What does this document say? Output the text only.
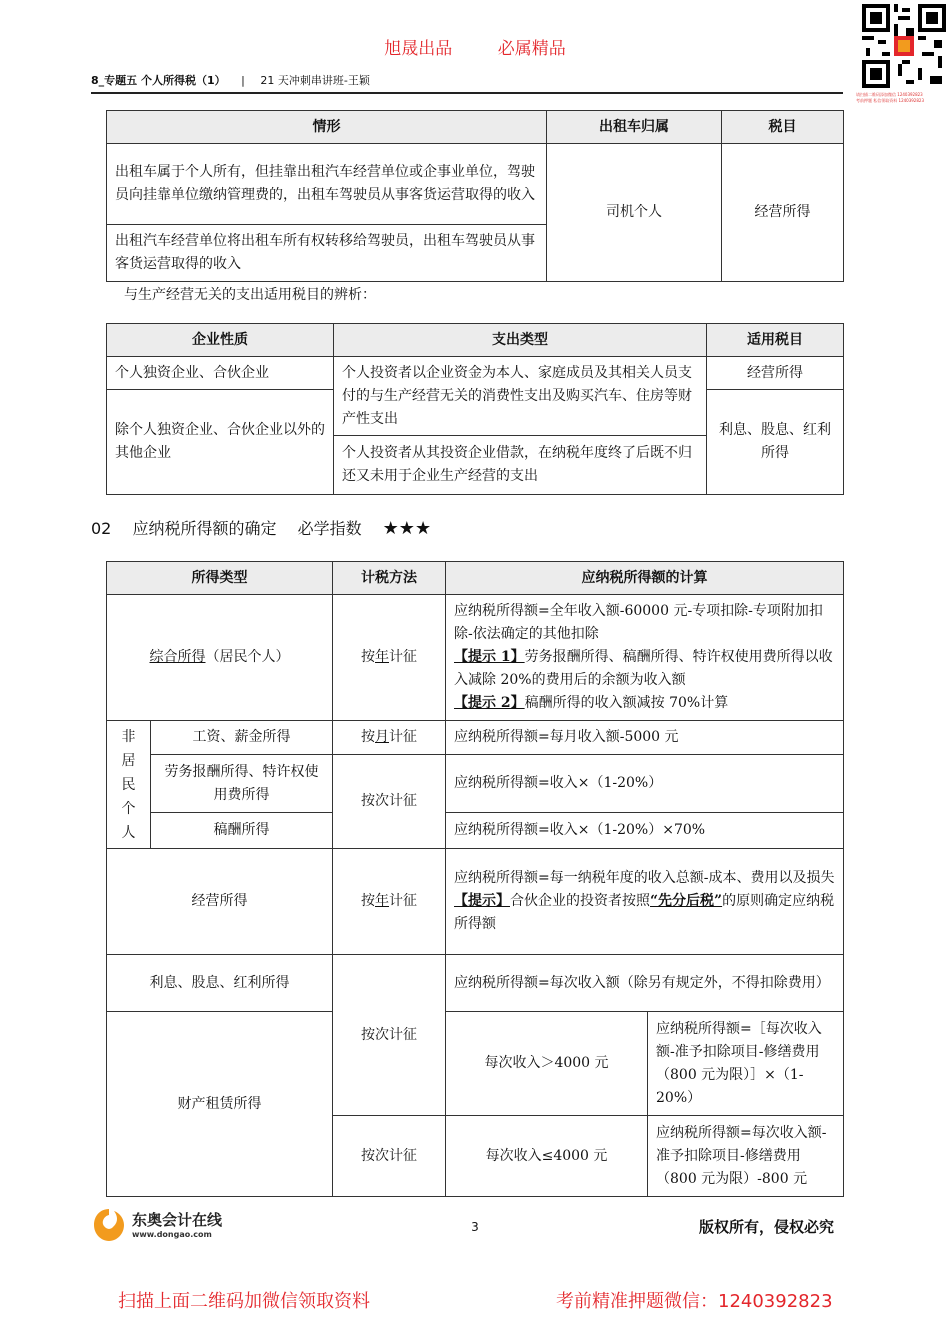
旭晟出品	必属精品
请扫描二维码添加微信 1240392823
考前押题 私信领取资料 1240392823
8_专题五 个人所得税（1） | 21 天冲刺串讲班-王颖
情形	出租车归属	税目
出租车属于个人所有，但挂靠出租汽车经营单位或企事业单位，驾驶员向挂靠单位缴纳管理费的，出租车驾驶员从事客货运营取得的收入	司机个人	经营所得
出租汽车经营单位将出租车所有权转移给驾驶员，出租车驾驶员从事客货运营取得的收入		
与生产经营无关的支出适用税目的辨析：
企业性质	支出类型	适用税目
个人独资企业、合伙企业	个人投资者以企业资金为本人、家庭成员及其相关人员支付的与生产经营无关的消费性支出及购买汽车、住房等财产性支出	经营所得
除个人独资企业、合伙企业以外的其他企业		利息、股息、红利所得
	个人投资者从其投资企业借款，在纳税年度终了后既不归还又未用于企业生产经营的支出	
02 应纳税所得额的确定 必学指数 ★★★
所得类型		计税方法	应纳税所得额的计算	
综合所得（居民个人）		按年计征	应纳税所得额=全年收入额-60000 元-专项扣除-专项附加扣除-依法确定的其他扣除
【提示 1】劳务报酬所得、稿酬所得、特许权使用费所得以收入减除 20%的费用后的余额为收入额
【提示 2】稿酬所得的收入额减按 70%计算	

非居民个人	工资、薪金所得	按月计征	应纳税所得额=每月收入额-5000 元	
	劳务报酬所得、特许权使用费所得	按次计征	应纳税所得额=收入×（1-20%）	
	稿酬所得		应纳税所得额=收入×（1-20%）×70%	
经营所得		按年计征	应纳税所得额=每一纳税年度的收入总额-成本、费用以及损失
【提示】合伙企业的投资者按照“先分后税”的原则确定应纳税所得额	

利息、股息、红利所得		按次计征	应纳税所得额=每次收入额（除另有规定外，不得扣除费用）	
财产租赁所得			每次收入＞4000 元	应纳税所得额=［每次收入额-准予扣除项目-修缮费用（800 元为限）］×（1-20%）
		按次计征	每次收入≤4000 元	应纳税所得额=每次收入额-准予扣除项目-修缮费用（800 元为限）-800 元
东奥会计在线
www.dongao.com
3	版权所有，侵权必究
扫描上面二维码加微信领取资料	考前精准押题微信：1240392823
